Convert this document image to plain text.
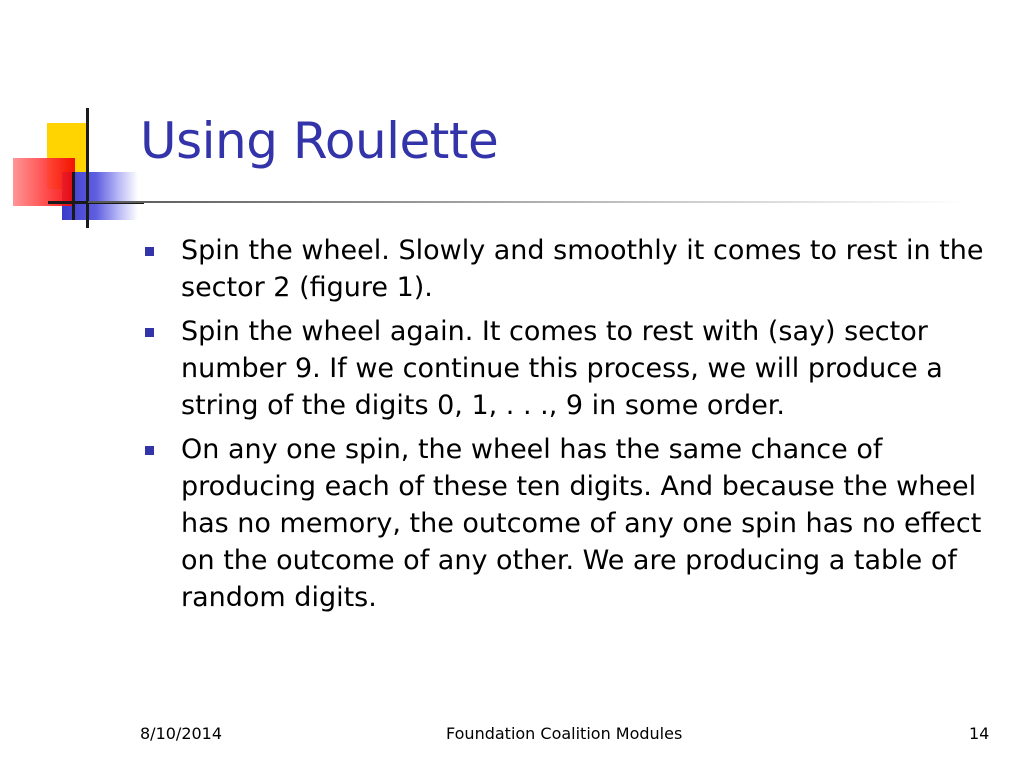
Using Roulette
Spin the wheel. Slowly and smoothly it comes to rest in the sector 2 (figure 1).
Spin the wheel again. It comes to rest with (say) sector number 9. If we continue this process, we will produce a string of the digits 0, 1, . . ., 9 in some order.
On any one spin, the wheel has the same chance of producing each of these ten digits. And because the wheel has no memory, the outcome of any one spin has no effect on the outcome of any other. We are producing a table of random digits.
8/10/2014	Foundation Coalition Modules	14
